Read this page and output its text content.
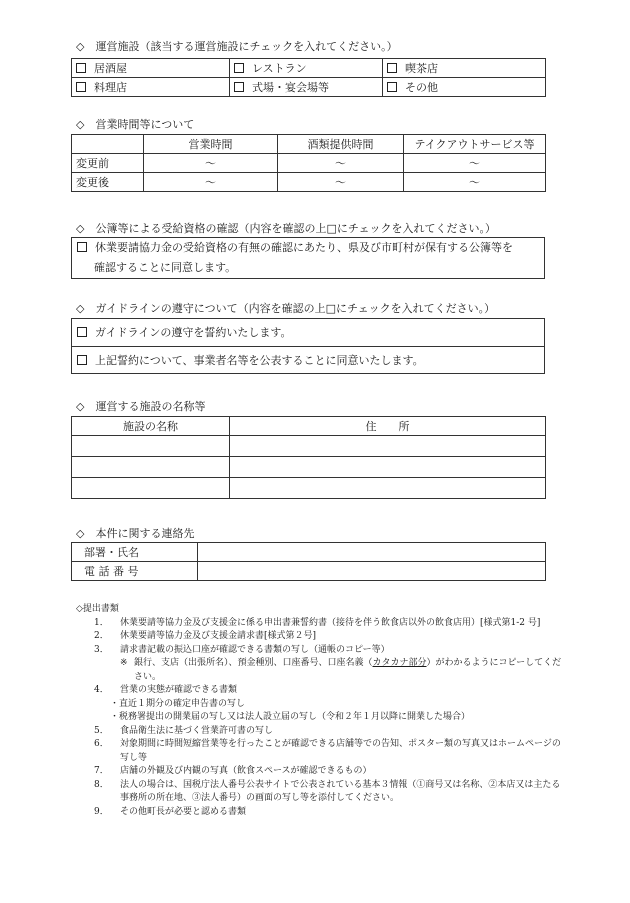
◇　運営施設（該当する運営施設にチェックを入れてください。）
居酒屋	レストラン	喫茶店
料理店	式場・宴会場等	その他
◇　営業時間等について
	営業時間	酒類提供時間	テイクアウトサービス等
変更前	〜	〜	〜
変更後	〜	〜	〜
◇　公簿等による受給資格の確認（内容を確認の上□にチェックを入れてください。）
休業要請協力金の受給資格の有無の確認にあたり、県及び市町村が保有する公簿等を
確認することに同意します。
◇　ガイドラインの遵守について（内容を確認の上□にチェックを入れてください。）
ガイドラインの遵守を誓約いたします。
上記誓約について、事業者名等を公表することに同意いたします。
◇　運営する施設の名称等
施設の名称	住　　所

◇　本件に関する連絡先
部署・氏名	
電 話 番 号	
◇提出書類
1． 休業要請等協力金及び支援金に係る申出書兼誓約書（接待を伴う飲食店以外の飲食店用）[様式第1-2 号]
2． 休業要請等協力金及び支援金請求書[様式第２号]
3． 請求書記載の振込口座が確認できる書類の写し（通帳のコピー等）
※ 銀行、支店（出張所名）、預金種別、口座番号、口座名義（カタカナ部分）がわかるようにコピーしてください。
4． 営業の実態が確認できる書類
・直近１期分の確定申告書の写し
・税務署提出の開業届の写し又は法人設立届の写し（令和２年１月以降に開業した場合）
5． 食品衛生法に基づく営業許可書の写し
6． 対象期間に時間短縮営業等を行ったことが確認できる店舗等での告知、ポスター類の写真又はホームページの写し等
7． 店舗の外観及び内観の写真（飲食スペースが確認できるもの）
8． 法人の場合は、国税庁法人番号公表サイトで公表されている基本３情報（①商号又は名称、②本店又は主たる事務所の所在地、③法人番号）の画面の写し等を添付してください。
9． その他町長が必要と認める書類
